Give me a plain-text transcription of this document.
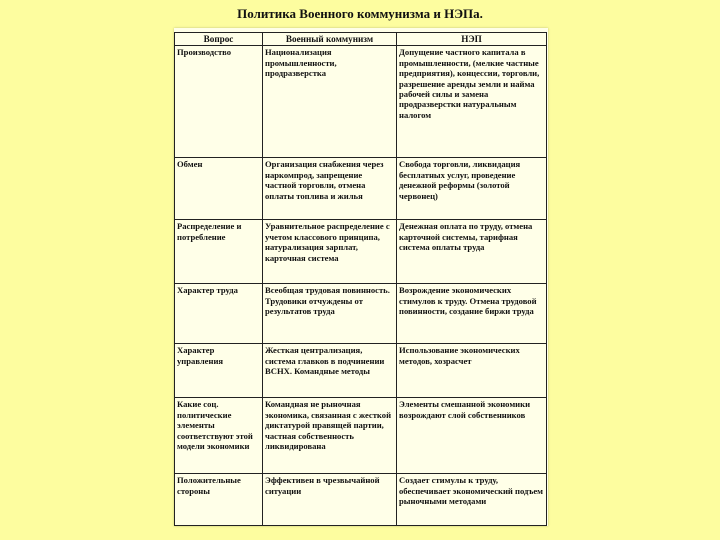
Политика Военного коммунизма и НЭПа.
Вопрос	Военный коммунизм	НЭП
Производство	Национализация промышленности, продразверстка	Допущение частного капитала в промышленности, (мелкие частные предприятия), концессии, торговли, разрешение аренды земли и найма рабочей силы и замена продразверстки натуральным налогом
Обмен	Организация снабжения через наркомпрод, запрещение частной торговли, отмена оплаты топлива и жилья	Свобода торговли, ликвидация бесплатных услуг, проведение денежной реформы (золотой червонец)
Распределение и потребление	Уравнительное распределение с учетом классового принципа, натурализация зарплат, карточная система	Денежная оплата по труду, отмена карточной системы, тарифная система оплаты труда
Характер труда	Всеобщая трудовая повинность. Трудовики отчуждены от результатов труда	Возрождение экономических стимулов к труду. Отмена трудовой повинности, создание биржи труда
Характер управления	Жесткая централизация, система главков в подчинении ВСНХ. Командные методы	Использование экономических методов, хозрасчет
Какие соц. политические элементы соответствуют этой модели экономики	Командная не рыночная экономика, связанная с жесткой диктатурой правящей партии, частная собственность ликвидирована	Элементы смешанной экономики возрождают слой собственников
Положительные стороны	Эффективен в чрезвычайной ситуации	Создает стимулы к труду, обеспечивает экономический подъем рыночными методами
